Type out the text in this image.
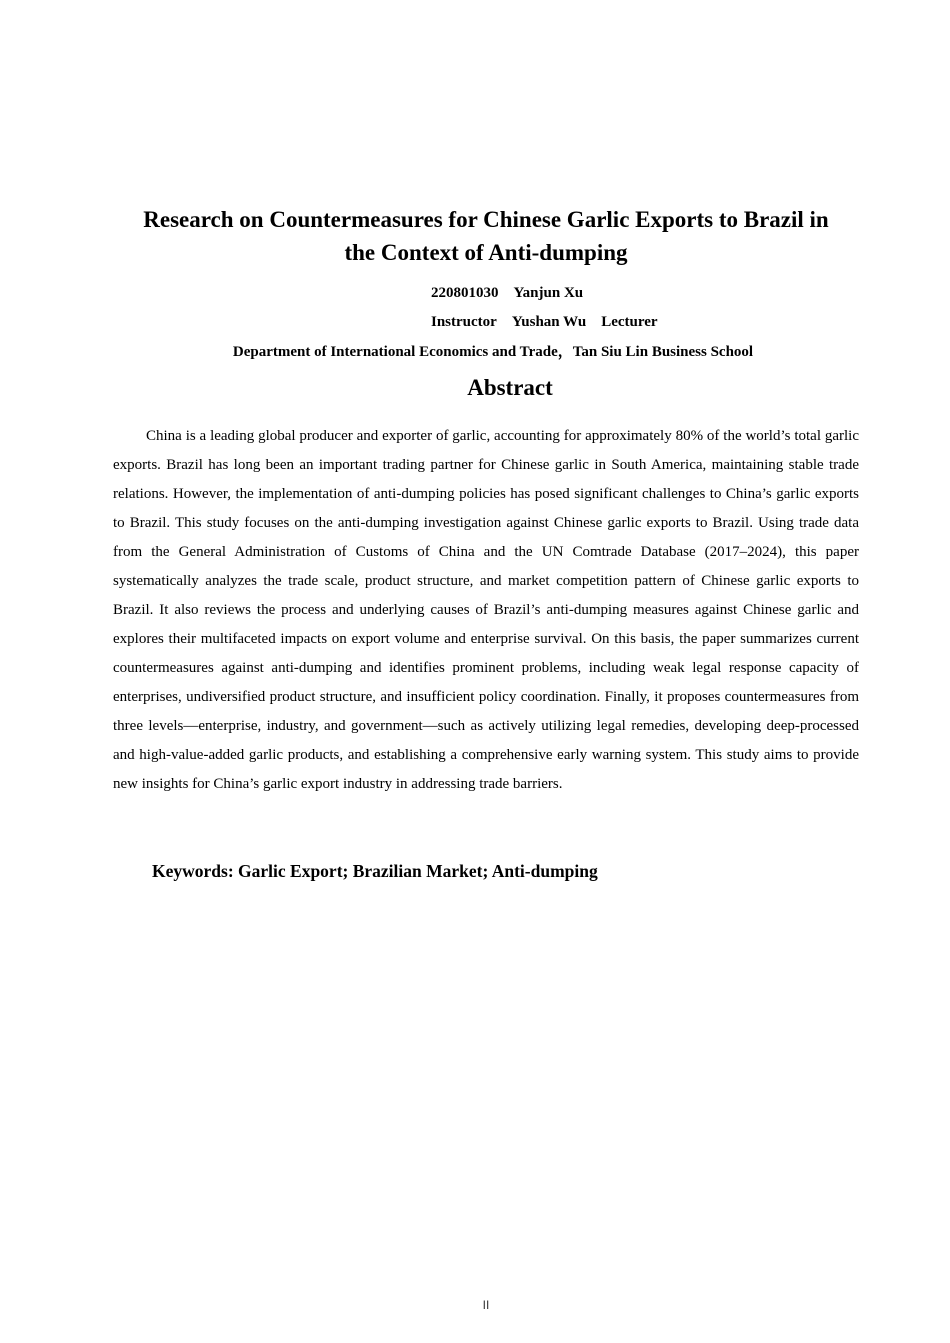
Research on Countermeasures for Chinese Garlic Exports to Brazil in
the Context of Anti-dumping
220801030 Yanjun Xu
Instructor Yushan Wu Lecturer
Department of International Economics and Trade，Tan Siu Lin Business School
Abstract

China is a leading global producer and exporter of garlic, accounting for approximately 80% of the world’s total garlic exports. Brazil has long been an important trading partner for Chinese garlic in South America, maintaining stable trade relations. However, the implementation of anti-dumping policies has posed significant challenges to China’s garlic exports to Brazil. This study focuses on the anti-dumping investigation against Chinese garlic exports to Brazil. Using trade data from the General Administration of Customs of China and the UN Comtrade Database (2017–2024), this paper systematically analyzes the trade scale, product structure, and market competition pattern of Chinese garlic exports to Brazil. It also reviews the process and underlying causes of Brazil’s anti-dumping measures against Chinese garlic and explores their multifaceted impacts on export volume and enterprise survival. On this basis, the paper summarizes current countermeasures against anti-dumping and identifies prominent problems, including weak legal response capacity of enterprises, undiversified product structure, and insufficient policy coordination. Finally, it proposes countermeasures from three levels—enterprise, industry, and government—such as actively utilizing legal remedies, developing deep-processed and high-value-added garlic products, and establishing a comprehensive early warning system. This study aims to provide new insights for China’s garlic export industry in addressing trade barriers.

Keywords: Garlic Export; Brazilian Market; Anti-dumping
II
